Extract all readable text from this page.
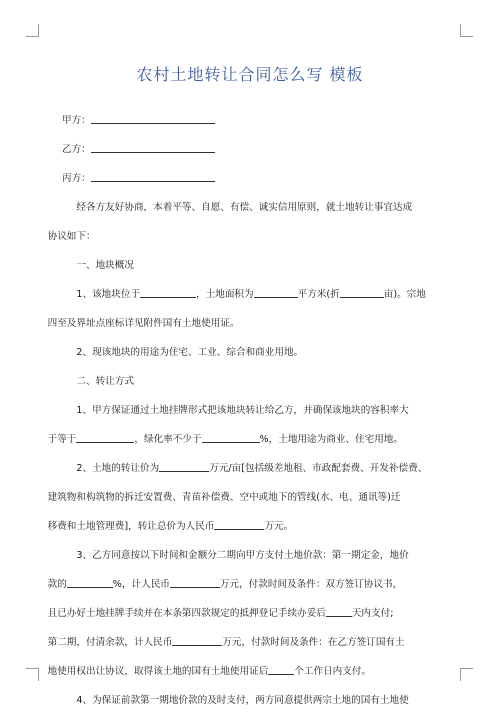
农村土地转让合同怎么写 模板
甲方：
乙方：
丙方：
经各方友好协商，本着平等、自愿、有偿、诚实信用原则，就土地转让事宜达成
协议如下：
一、地块概况
1、该地块位于	，土地面积为	平方米(折	亩)。宗地
四至及界址点座标详见附件国有土地使用证。
2、现该地块的用途为住宅、工业、综合和商业用地。
二、转让方式
1、甲方保证通过土地挂牌形式把该地块转让给乙方，并确保该地块的容积率大
于等于	，绿化率不少于	%，土地用途为商业、住宅用地。
2、土地的转让价为	万元/亩[包括级差地租、市政配套费、开发补偿费、
建筑物和构筑物的拆迁安置费、青苗补偿费、空中或地下的管线(水、电、通讯等)迁
移费和土地管理费]，转让总价为人民币	万元。
3、乙方同意按以下时间和金额分二期向甲方支付土地价款：第一期定金，地价
款的	%，计人民币	万元，付款时间及条件：双方签订协议书，
且已办好土地挂牌手续并在本条第四款规定的抵押登记手续办妥后	天内支付;
第二期，付清余款，计人民币	万元，付款时间及条件：在乙方签订国有土
地使用权出让协议，取得该土地的国有土地使用证后	个工作日内支付。
4、为保证前款第一期地价款的及时支付，两方同意提供两宗土地的国有土地使
